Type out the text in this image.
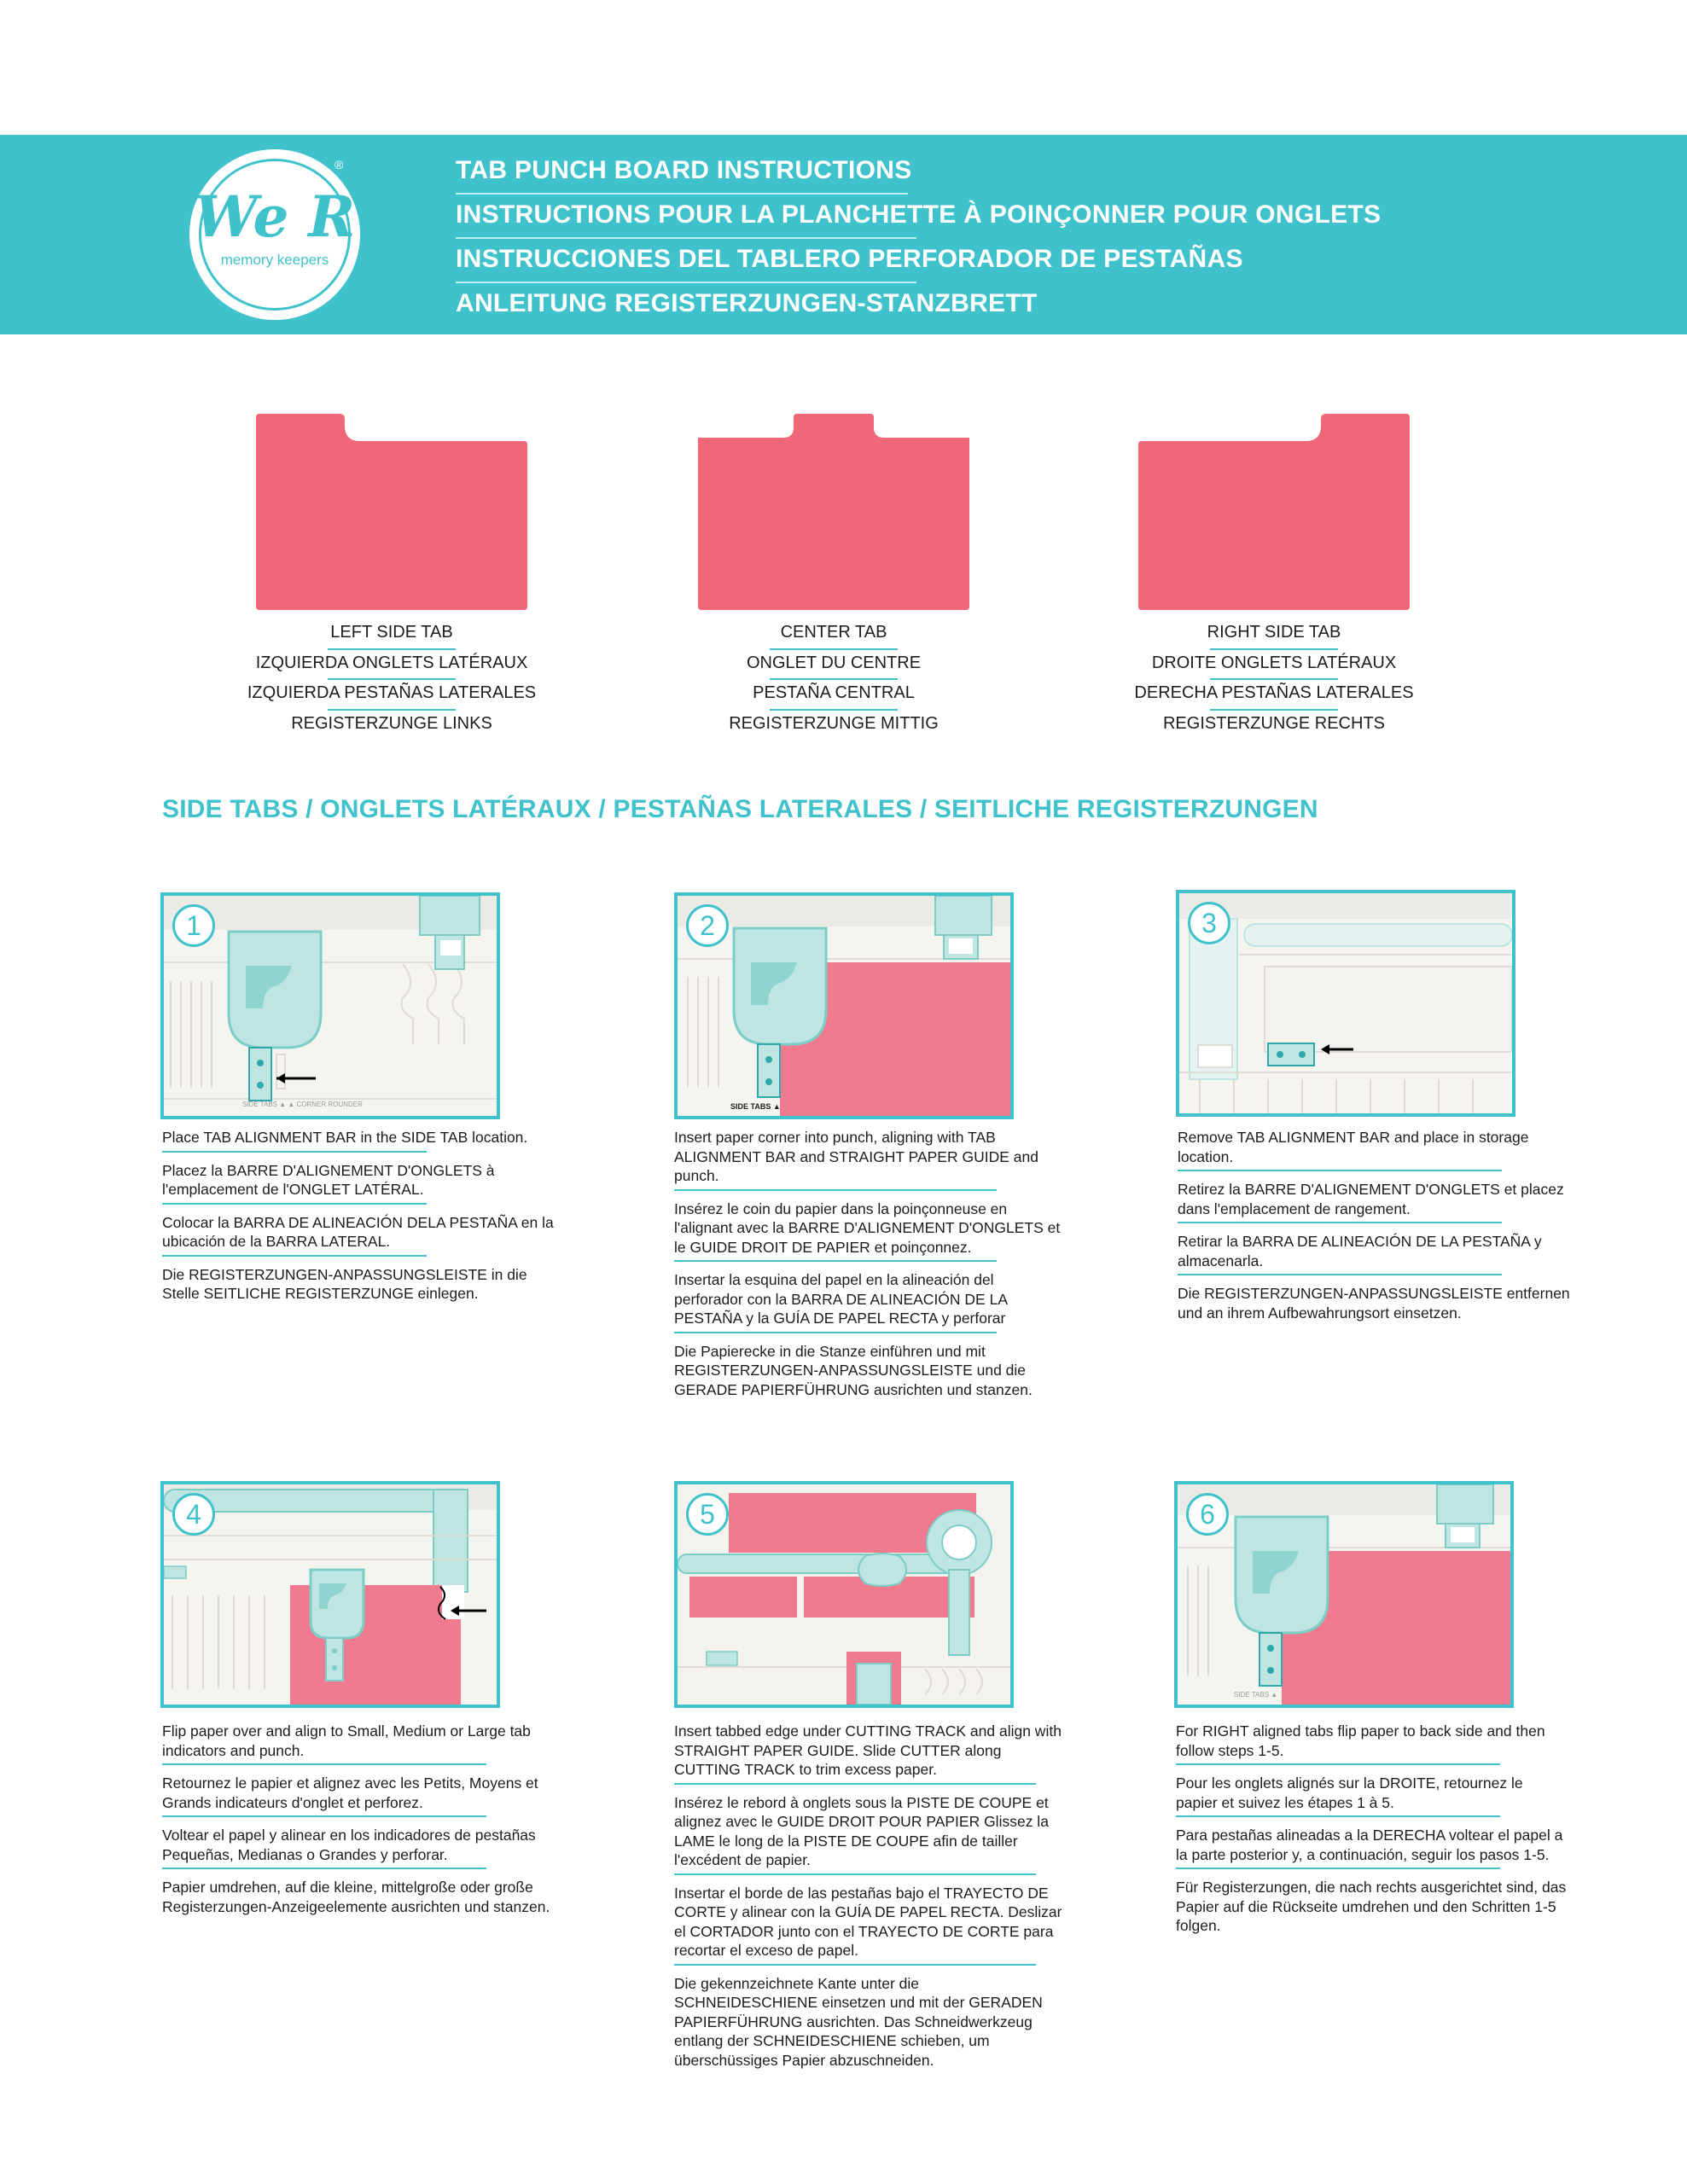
We R
memory keepers
®	TAB PUNCH BOARD INSTRUCTIONS
INSTRUCTIONS POUR LA PLANCHETTE À POINÇONNER POUR ONGLETS
INSTRUCCIONES DEL TABLERO PERFORADOR DE PESTAÑAS
ANLEITUNG REGISTERZUNGEN-STANZBRETT
LEFT SIDE TAB
IZQUIERDA ONGLETS LATÉRAUX
IZQUIERDA PESTAÑAS LATERALES
REGISTERZUNGE LINKS
CENTER TAB
ONGLET DU CENTRE
PESTAÑA CENTRAL
REGISTERZUNGE MITTIG
RIGHT SIDE TAB
DROITE ONGLETS LATÉRAUX
DERECHA PESTAÑAS LATERALES
REGISTERZUNGE RECHTS
SIDE TABS / ONGLETS LATÉRAUX / PESTAÑAS LATERALES / SEITLICHE REGISTERZUNGEN
1
SIDE TABS ▲ ▲ CORNER ROUNDER
Place TAB ALIGNMENT BAR in the SIDE TAB location.
Placez la BARRE D'ALIGNEMENT D'ONGLETS à l'emplacement de l'ONGLET LATÉRAL.
Colocar la BARRA DE ALINEACIÓN DELA PESTAÑA en la ubicación de la BARRA LATERAL.
Die REGISTERZUNGEN-ANPASSUNGSLEISTE in die Stelle SEITLICHE REGISTERZUNGE einlegen.
2
SIDE TABS ▲
Insert paper corner into punch, aligning with TAB ALIGNMENT BAR and STRAIGHT PAPER GUIDE and punch.
Insérez le coin du papier dans la poinçonneuse en l'alignant avec la BARRE D'ALIGNEMENT D'ONGLETS et le GUIDE DROIT DE PAPIER et poinçonnez.
Insertar la esquina del papel en la alineación del perforador con la BARRA DE ALINEACIÓN DE LA PESTAÑA y la GUÍA DE PAPEL RECTA y perforar
Die Papierecke in die Stanze einführen und mit REGISTERZUNGEN-ANPASSUNGSLEISTE und die GERADE PAPIERFÜHRUNG ausrichten und stanzen.
3
Remove TAB ALIGNMENT BAR and place in storage location.
Retirez la BARRE D'ALIGNEMENT D'ONGLETS et placez dans l'emplacement de rangement.
Retirar la BARRA DE ALINEACIÓN DE LA PESTAÑA y almacenarla.
Die REGISTERZUNGEN-ANPASSUNGSLEISTE entfernen und an ihrem Aufbewahrungsort einsetzen.
4
Flip paper over and align to Small, Medium or Large tab indicators and punch.
Retournez le papier et alignez avec les Petits, Moyens et Grands indicateurs d'onglet et perforez.
Voltear el papel y alinear en los indicadores de pestañas Pequeñas, Medianas o Grandes y perforar.
Papier umdrehen, auf die kleine, mittelgroße oder große Registerzungen-Anzeigeelemente ausrichten und stanzen.
5
Insert tabbed edge under CUTTING TRACK and align with STRAIGHT PAPER GUIDE. Slide CUTTER along CUTTING TRACK to trim excess paper.
Insérez le rebord à onglets sous la PISTE DE COUPE et alignez avec le GUIDE DROIT POUR PAPIER Glissez la LAME le long de la PISTE DE COUPE afin de tailler l'excédent de papier.
Insertar el borde de las pestañas bajo el TRAYECTO DE CORTE y alinear con la GUÍA DE PAPEL RECTA. Deslizar el CORTADOR junto con el TRAYECTO DE CORTE para recortar el exceso de papel.
Die gekennzeichnete Kante unter die SCHNEIDESCHIENE einsetzen und mit der GERADEN PAPIERFÜHRUNG ausrichten. Das Schneidwerkzeug entlang der SCHNEIDESCHIENE schieben, um überschüssiges Papier abzuschneiden.
6
SIDE TABS ▲
For RIGHT aligned tabs flip paper to back side and then follow steps 1-5.
Pour les onglets alignés sur la DROITE, retournez le papier et suivez les étapes 1 à 5.
Para pestañas alineadas a la DERECHA voltear el papel a la parte posterior y, a continuación, seguir los pasos 1-5.
Für Registerzungen, die nach rechts ausgerichtet sind, das Papier auf die Rückseite umdrehen und den Schritten 1-5 folgen.
